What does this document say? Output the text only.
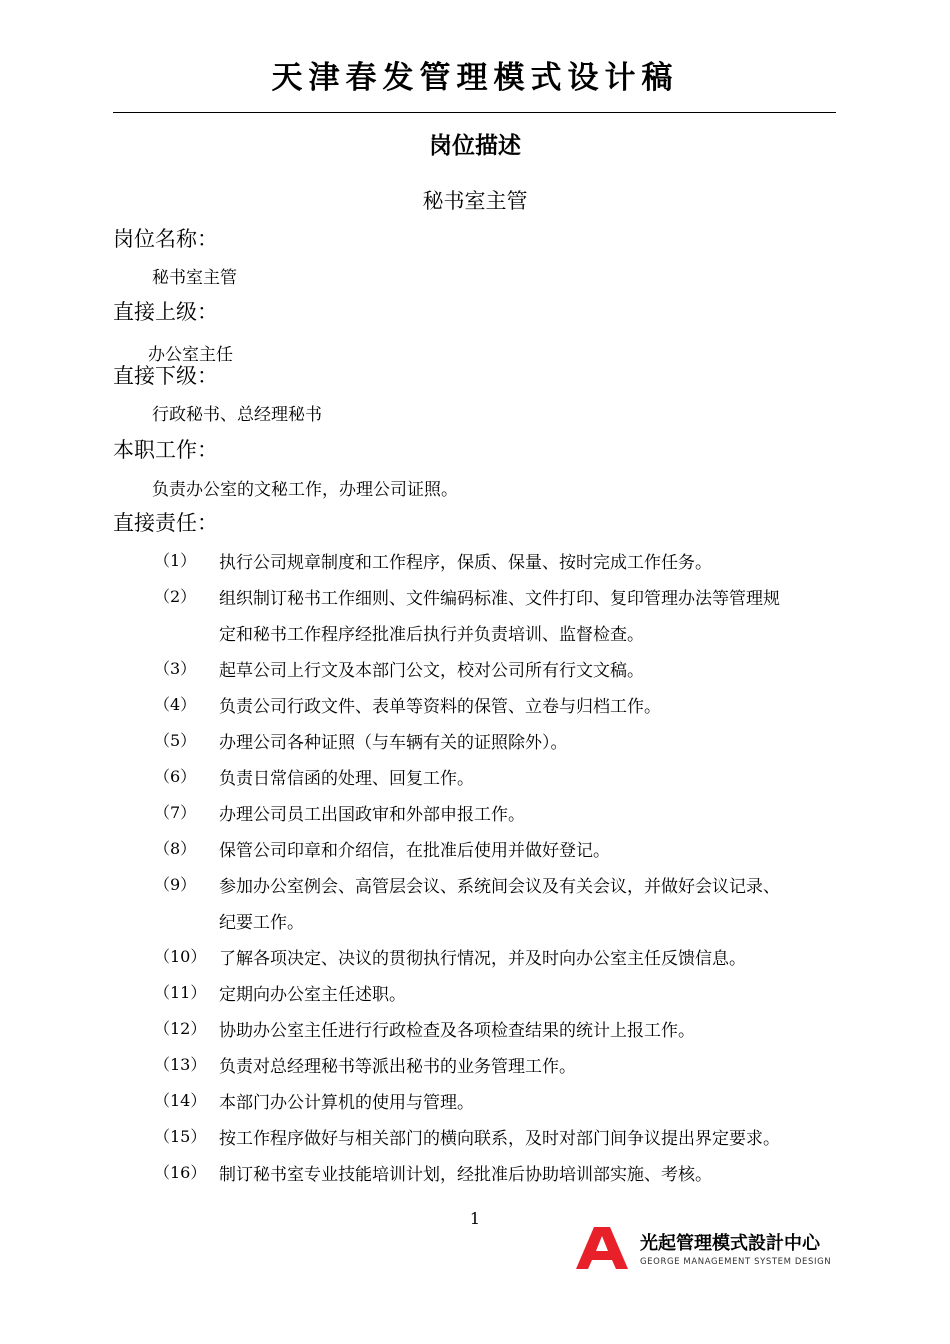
天津春发管理模式设计稿
岗位描述
秘书室主管
岗位名称：
秘书室主管
直接上级：
办公室主任
直接下级：
行政秘书、总经理秘书
本职工作：
负责办公室的文秘工作，办理公司证照。
直接责任：
（1）	执行公司规章制度和工作程序，保质、保量、按时完成工作任务。
（2）	组织制订秘书工作细则、文件编码标准、文件打印、复印管理办法等管理规
定和秘书工作程序经批准后执行并负责培训、监督检查。
（3）	起草公司上行文及本部门公文，校对公司所有行文文稿。
（4）	负责公司行政文件、表单等资料的保管、立卷与归档工作。
（5）	办理公司各种证照（与车辆有关的证照除外）。
（6）	负责日常信函的处理、回复工作。
（7）	办理公司员工出国政审和外部申报工作。
（8）	保管公司印章和介绍信，在批准后使用并做好登记。
（9）	参加办公室例会、高管层会议、系统间会议及有关会议，并做好会议记录、
纪要工作。
（10） 了解各项决定、决议的贯彻执行情况，并及时向办公室主任反馈信息。
（11） 定期向办公室主任述职。
（12） 协助办公室主任进行行政检查及各项检查结果的统计上报工作。
（13） 负责对总经理秘书等派出秘书的业务管理工作。
（14） 本部门办公计算机的使用与管理。
（15） 按工作程序做好与相关部门的横向联系，及时对部门间争议提出界定要求。
（16） 制订秘书室专业技能培训计划，经批准后协助培训部实施、考核。
1
光起管理模式設計中心
GEORGE MANAGEMENT SYSTEM DESIGN
